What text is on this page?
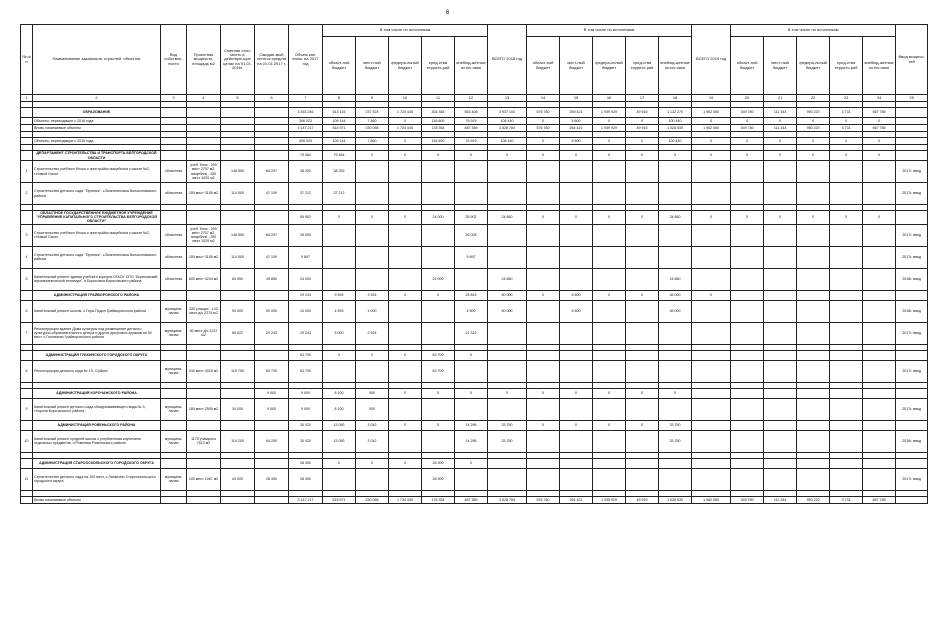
6
№ п/п	Наименование заказчиков, отраслей, объектов	Вид собствен-ности	Проектная мощность, площадь м2	Сметная стои-мость в действую-щих ценах на 01.01. 2016г.	Ожидае-мый остаток средств на 01.01.2017 г.	Объем кап. влож. на 2017 год	В том числе по источникам					ВСЕГО 2018 год	В том числе по источникам					ВСЕГО 2019 год	В том числе по источникам					Ввод мощнос-тей
							област-ной бюджет	мест-ный бюджет	федера-льный бюджет	сред-ства террито-рий	внебюд-жетные источ-ники		област-ной бюджет	мест-ный бюджет	федера-льный бюджет	сред-ства террито-рий	внебюд-жетные источ-ники		област-ной бюджет	мест-ный бюджет	федера-льный бюджет	сред-ства террито-рий	внебюд-жетные источ-ники	
1	2	3	4	5	6	7	8	9	10	11	12	13	14	15	16	17	18	19	20	21	22	23	24	25

	ОБРАЗОВАНИЕ					3 453 246	613 115	237 924	1 734 445	304 354	563 408	3 937 104	576 780	259 421	1 939 929	49 915	1 132 270	1 962 060	349 780	111 344	950 220	3 731	667 785	
	Объекты, переходящие с 2016 года					306 023	109 144	7 860	0	116 600	76 919	106 440	0	5 600	0	0	100 440	0	0	0	0	0	0	
	Вновь начинаемые объекты					3 147 217	515 971	230 058	1 734 445	178 354	487 389	3 828 784	576 780	264 421	1 939 929	49 915	1 028 530	1 962 060	349 780	111 344	950 220	3 731	667 785	

	Объекты, переходящие с 2016 года					306 029	109 144	7 860	0	116 600	76 919	106 440	0	5 600	0	0	100 440	0	0	0	0	0	0	

	ДЕПАРТАМЕНТ СТРОИТЕЛЬСТВА И ТРАНСПОРТА БЕЛГОРОДСКОЙ ОБЛАСТИ					75 464	75 464	0	0	0	0	0	0	0	0	0	0	0	0	0	0	0	0	
1	Строительство учебного блока и пристройки пищеблока к школе №2, г.Новый Оскол	областная	учеб. блок - 200 мест 2707 м2, пищеблок - 250 мест 1020 м2	148 500	64 257	38 252	38 252																	2017г. ввод
2	Строительство детского сада "Теремок", с.Вознесеновка Волоконовского района	областная	150 мест 3159 м2	114 500	47 109	37 212	37 212																	2017г. ввод

	ОБЛАСТНОЕ ГОСУДАРСТВЕННОЕ БЮДЖЕТНОЕ УЧРЕЖДЕНИЕ "УПРАВЛЕНИЕ КАПИТАЛЬНОГО СТРОИТЕЛЬСТВА БЕЛГОРОДСКОЙ ОБЛАСТИ"					59 902	0	0	0	24 000	35 902	24 860	0	0	0	0	24 860	0	0	0	0	0	0	
3	Строительство учебного блока и пристройки пищеблока к школе №2, г.Новый Оскол	областная	учеб. блок - 200 мест 2707 м2, пищеблок - 250 мест 1020 м2	148 500	64 257	26 005					26 005													2017г. ввод
4	Строительство детского сада "Теремок", с.Вознесеновка Волоконовского района	областная	150 мест 3159 м2	114 500	47 109	9 897					9 897													2017г. ввод
5	Капитальный ремонт здания учебного корпуса ОГАОУ СПО "Борисовский агромеханический техникум", п.Борисовка Борисовского района	областная	600 мест 4244 м2	63 950	49 850	24 000				24 000		24 860					24 860							2018г. ввод
	АДМИНИСТРАЦИЯ ГРАЙВОРОНСКОГО РАЙОНА					29 243	9 593	3 924	0	0	25 819	50 000	0	5 600	0	0	45 000	0						
6	Капитальный ремонт школы, с.Гора-Подол Грайворонского района	муниципа-льная	320 учащих - 133 мест д/с 2274 м2	90 000	90 000	10 000	4 593	1 000			4 500	50 000		5 600			45 000							2018г. ввод
7	Реконструкция здания Дома культуры под размещение детского культурно-образовательного центра и других досуговых кружков на 50 мест, с.Головчино Грайворонского района	муниципа-льная	50 мест д/с 2237 м2	65 822	29 243	29 243	5 000	2 924			21 319													2017г. ввод

	АДМИНИСТРАЦИЯ ГУБКИНСКОГО ГОРОДСКОГО ОКРУГА					63 700	0	0	0	63 700	0													
8	Реконструкция детского сада № 19, г.Губкин	муниципа-льная	240 мест 4016 м2	115 700	63 700	63 700				63 700														2017г. ввод

	АДМИНИСТРАЦИЯ КОРОЧАНСКОГО РАЙОНА				9 000	9 000	8 100	900	0	0	0	0	0	0	0	0	0							
9	Капитальный ремонт детского сада общеразвивающего вида № 3, г.Короча Корочанского района	муниципа-льная	180 мест 2500 м2	34 000	9 000	9 000	8 100	900																2017г. ввод
	АДМИНИСТРАЦИЯ РОВЕНЬСКОГО РАЙОНА					30 420	13 083	3 042	0	0	14 296	33 780	0	0	0	0	33 780							
10	Капитальный ремонт средней школы с углубленным изучением отдельных предметов, п.Ровеньки Ровеньского района	муниципа-льная	1175 учащихся 7613 м2	114 200	64 250	30 420	13 083	3 042			14 296	33 780					33 780							2018г. ввод

	АДМИНИСТРАЦИЯ СТАРООСКОЛЬСКОГО ГОРОДСКОГО ОКРУГА					28 300	0	0	0	28 300	0													
11	Строительство детского сада на 100 мест, с.Лапыгино Старооскольского городского округа	муниципа-льная	100 мест 1967 м2	43 000	28 300	28 300				28 300														2017г. ввод

	Вновь начинаемые объекты					3 147 217	515 971	230 058	1 734 445	178 354	487 389	3 828 784	576 780	264 421	1 939 929	49 915	1 028 530	1 962 060	349 780	111 344	950 220	3 731	667 785	
